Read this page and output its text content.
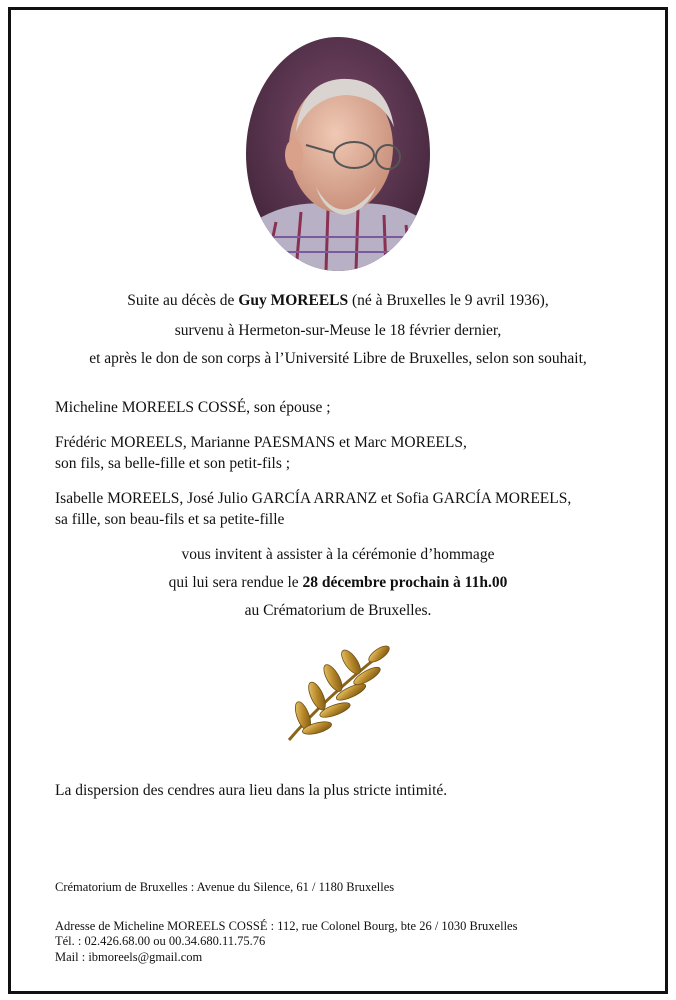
Suite au décès de Guy MOREELS (né à Bruxelles le 9 avril 1936),
survenu à Hermeton-sur-Meuse le 18 février dernier,
et après le don de son corps à l’Université Libre de Bruxelles, selon son souhait,
Micheline MOREELS COSSÉ, son épouse ;
Frédéric MOREELS, Marianne PAESMANS et Marc MOREELS,
son fils, sa belle-fille et son petit-fils ;
Isabelle MOREELS, José Julio GARCÍA ARRANZ et Sofia GARCÍA MOREELS,
sa fille, son beau-fils et sa petite-fille
vous invitent à assister à la cérémonie d’hommage
qui lui sera rendue le 28 décembre prochain à 11h.00
au Crématorium de Bruxelles.
La dispersion des cendres aura lieu dans la plus stricte intimité.
Crématorium de Bruxelles : Avenue du Silence, 61 / 1180 Bruxelles
Adresse de Micheline MOREELS COSSÉ : 112, rue Colonel Bourg, bte 26 / 1030 Bruxelles
Tél. : 02.426.68.00 ou 00.34.680.11.75.76
Mail : ibmoreels@gmail.com
